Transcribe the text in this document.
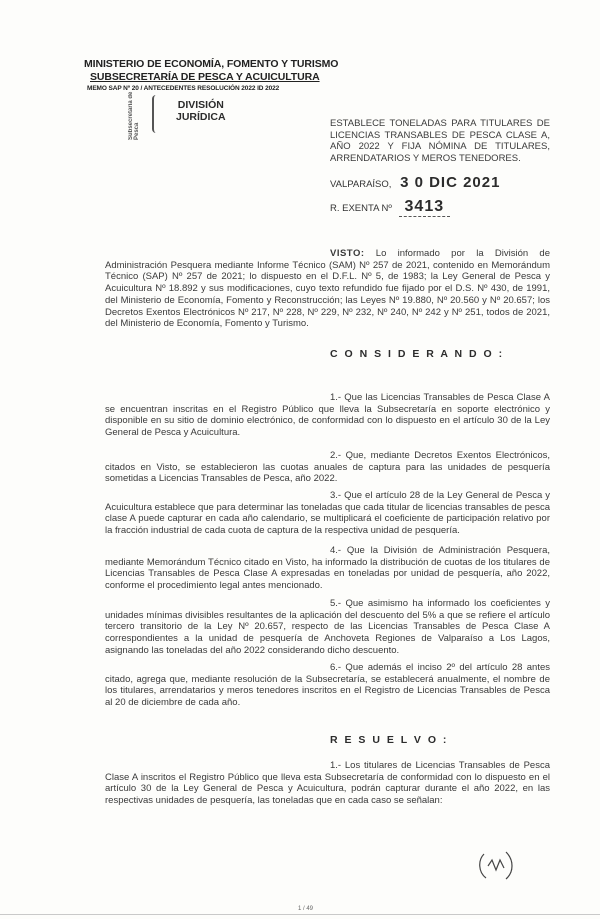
MINISTERIO DE ECONOMÍA, FOMENTO Y TURISMO
SUBSECRETARÍA DE PESCA Y ACUICULTURA
MEMO SAP Nº 20 / ANTECEDENTES RESOLUCIÓN 2022 ID 2022
Subsecretaría de Pesca
DIVISIÓN
JURÍDICA
ESTABLECE TONELADAS PARA TITULARES DE LICENCIAS TRANSABLES DE PESCA CLASE A, AÑO 2022 Y FIJA NÓMINA DE TITULARES, ARRENDATARIOS Y MEROS TENEDORES.
VALPARAÍSO, 3 0 DIC 2021
R. EXENTA Nº 3413
VISTO: Lo informado por la División de Administración Pesquera mediante Informe Técnico (SAM) Nº 257 de 2021, contenido en Memorándum Técnico (SAP) Nº 257 de 2021; lo dispuesto en el D.F.L. Nº 5, de 1983; la Ley General de Pesca y Acuicultura Nº 18.892 y sus modificaciones, cuyo texto refundido fue fijado por el D.S. Nº 430, de 1991, del Ministerio de Economía, Fomento y Reconstrucción; las Leyes Nº 19.880, Nº 20.560 y Nº 20.657; los Decretos Exentos Electrónicos Nº 217, Nº 228, Nº 229, Nº 232, Nº 240, Nº 242 y Nº 251, todos de 2021, del Ministerio de Economía, Fomento y Turismo.
C O N S I D E R A N D O :
1.- Que las Licencias Transables de Pesca Clase A se encuentran inscritas en el Registro Público que lleva la Subsecretaría en soporte electrónico y disponible en su sitio de dominio electrónico, de conformidad con lo dispuesto en el artículo 30 de la Ley General de Pesca y Acuicultura.
2.- Que, mediante Decretos Exentos Electrónicos, citados en Visto, se establecieron las cuotas anuales de captura para las unidades de pesquería sometidas a Licencias Transables de Pesca, año 2022.
3.- Que el artículo 28 de la Ley General de Pesca y Acuicultura establece que para determinar las toneladas que cada titular de licencias transables de pesca clase A puede capturar en cada año calendario, se multiplicará el coeficiente de participación relativo por la fracción industrial de cada cuota de captura de la respectiva unidad de pesquería.
4.- Que la División de Administración Pesquera, mediante Memorándum Técnico citado en Visto, ha informado la distribución de cuotas de los titulares de Licencias Transables de Pesca Clase A expresadas en toneladas por unidad de pesquería, año 2022, conforme el procedimiento legal antes mencionado.
5.- Que asimismo ha informado los coeficientes y unidades mínimas divisibles resultantes de la aplicación del descuento del 5% a que se refiere el artículo tercero transitorio de la Ley Nº 20.657, respecto de las Licencias Transables de Pesca Clase A correspondientes a la unidad de pesquería de Anchoveta Regiones de Valparaíso a Los Lagos, asignando las toneladas del año 2022 considerando dicho descuento.
6.- Que además el inciso 2º del artículo 28 antes citado, agrega que, mediante resolución de la Subsecretaría, se establecerá anualmente, el nombre de los titulares, arrendatarios y meros tenedores inscritos en el Registro de Licencias Transables de Pesca al 20 de diciembre de cada año.
R E S U E L V O :
1.- Los titulares de Licencias Transables de Pesca Clase A inscritos el Registro Público que lleva esta Subsecretaría de conformidad con lo dispuesto en el artículo 30 de la Ley General de Pesca y Acuicultura, podrán capturar durante el año 2022, en las respectivas unidades de pesquería, las toneladas que en cada caso se señalan:
1 / 49
